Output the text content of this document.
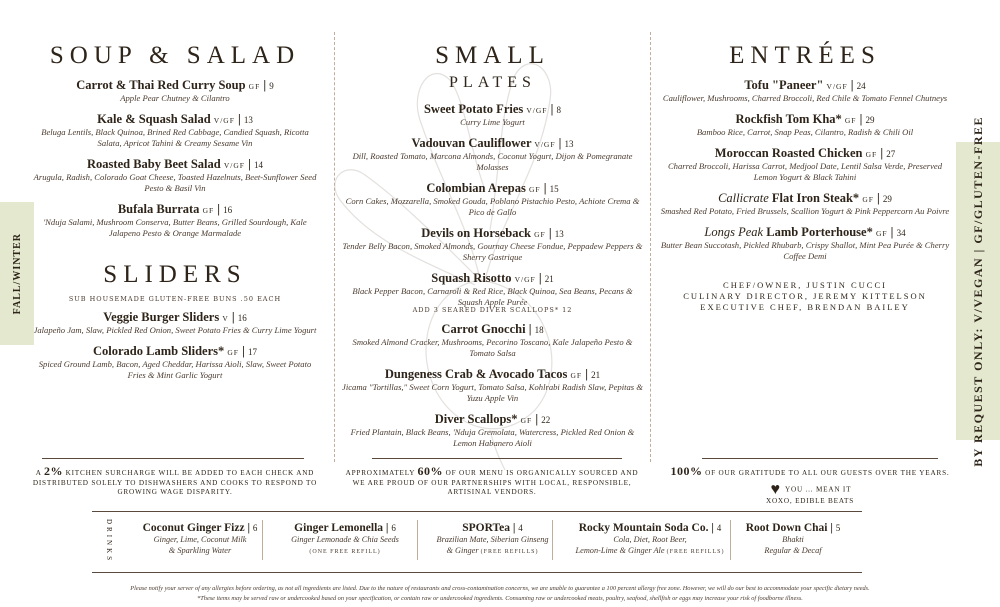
SOUP & SALAD
Carrot & Thai Red Curry Soup GF | 9
Apple Pear Chutney & Cilantro
Kale & Squash Salad V/GF | 13
Beluga Lentils, Black Quinoa, Brined Red Cabbage, Candied Squash, Ricotta Salata, Apricot Tahini & Creamy Sesame Vin
Roasted Baby Beet Salad V/GF | 14
Arugula, Radish, Colorado Goat Cheese, Toasted Hazelnuts, Beet-Sunflower Seed Pesto & Basil Vin
Bufala Burrata GF | 16
'Nduja Salami, Mushroom Conserva, Butter Beans, Grilled Sourdough, Kale Jalapeno Pesto & Orange Marmalade
SLIDERS
SUB HOUSEMADE GLUTEN-FREE BUNS .50 EACH
Veggie Burger Sliders V | 16
Jalapeño Jam, Slaw, Pickled Red Onion, Sweet Potato Fries & Curry Lime Yogurt
Colorado Lamb Sliders* GF | 17
Spiced Ground Lamb, Bacon, Aged Cheddar, Harissa Aioli, Slaw, Sweet Potato Fries & Mint Garlic Yogurt
SMALL
PLATES
Sweet Potato Fries V/GF | 8
Curry Lime Yogurt
Vadouvan Cauliflower V/GF | 13
Dill, Roasted Tomato, Marcona Almonds, Coconut Yogurt, Dijon & Pomegranate Molasses
Colombian Arepas GF | 15
Corn Cakes, Mozzarella, Smoked Gouda, Poblano Pistachio Pesto, Achiote Crema & Pico de Gallo
Devils on Horseback GF | 13
Tender Belly Bacon, Smoked Almonds, Gournay Cheese Fondue, Peppadew Peppers & Sherry Gastrique
Squash Risotto V/GF | 21
Black Pepper Bacon, Carnaroli & Red Rice, Black Quinoa, Sea Beans, Pecans & Squash Apple Purée
ADD 3 SEARED DIVER SCALLOPS* 12
Carrot Gnocchi | 18
Smoked Almond Cracker, Mushrooms, Pecorino Toscano, Kale Jalapeño Pesto & Tomato Salsa
Dungeness Crab & Avocado Tacos GF | 21
Jicama "Tortillas," Sweet Corn Yogurt, Tomato Salsa, Kohlrabi Radish Slaw, Pepitas & Yuzu Apple Vin
Diver Scallops* GF | 22
Fried Plantain, Black Beans, 'Nduja Gremolata, Watercress, Pickled Red Onion & Lemon Habanero Aioli
ENTRÉES
Tofu "Paneer" V/GF | 24
Cauliflower, Mushrooms, Charred Broccoli, Red Chile & Tomato Fennel Chutneys
Rockfish Tom Kha* GF | 29
Bamboo Rice, Carrot, Snap Peas, Cilantro, Radish & Chili Oil
Moroccan Roasted Chicken GF | 27
Charred Broccoli, Harissa Carrot, Medjool Date, Lentil Salsa Verde, Preserved Lemon Yogurt & Black Tahini
Callicrate Flat Iron Steak* GF | 29
Smashed Red Potato, Fried Brussels, Scallion Yogurt & Pink Peppercorn Au Poivre
Longs Peak Lamb Porterhouse* GF | 34
Butter Bean Succotash, Pickled Rhubarb, Crispy Shallot, Mint Pea Purée & Cherry Coffee Demi
CHEF/OWNER, JUSTIN CUCCI
CULINARY DIRECTOR, JEREMY KITTELSON
EXECUTIVE CHEF, BRENDAN BAILEY
FALL/WINTER	BY REQUEST ONLY: V/VEGAN | GF/GLUTEN-FREE
A 2% KITCHEN SURCHARGE WILL BE ADDED TO EACH CHECK AND DISTRIBUTED SOLELY TO DISHWASHERS AND COOKS TO RESPOND TO GROWING WAGE DISPARITY.
APPROXIMATELY 60% OF OUR MENU IS ORGANICALLY SOURCED AND WE ARE PROUD OF OUR PARTNERSHIPS WITH LOCAL, RESPONSIBLE, ARTISINAL VENDORS.
100% OF OUR GRATITUDE TO ALL OUR GUESTS OVER THE YEARS.
♥ YOU ... MEAN IT
XOXO, EDIBLE BEATS
DRINKS	Coconut Ginger Fizz | 6
Ginger, Lime, Coconut Milk
& Sparkling Water
Ginger Lemonella | 6
Ginger Lemonade & Chia Seeds
(ONE FREE REFILL)
SPORTea | 4
Brazilian Mate, Siberian Ginseng
& Ginger (FREE REFILLS)
Rocky Mountain Soda Co. | 4
Cola, Diet, Root Beer,
Lemon-Lime & Ginger Ale (FREE REFILLS)
Root Down Chai | 5
Bhakti
Regular & Decaf
Please notify your server of any allergies before ordering, as not all ingredients are listed. Due to the nature of restaurants and cross-contamination concerns, we are unable to guarantee a 100 percent allergy free zone. However, we will do our best to accommodate your specific dietary needs.
*These items may be served raw or undercooked based on your specification, or contain raw or undercooked ingredients. Consuming raw or undercooked meats, poultry, seafood, shellfish or eggs may increase your risk of foodborne illness.
